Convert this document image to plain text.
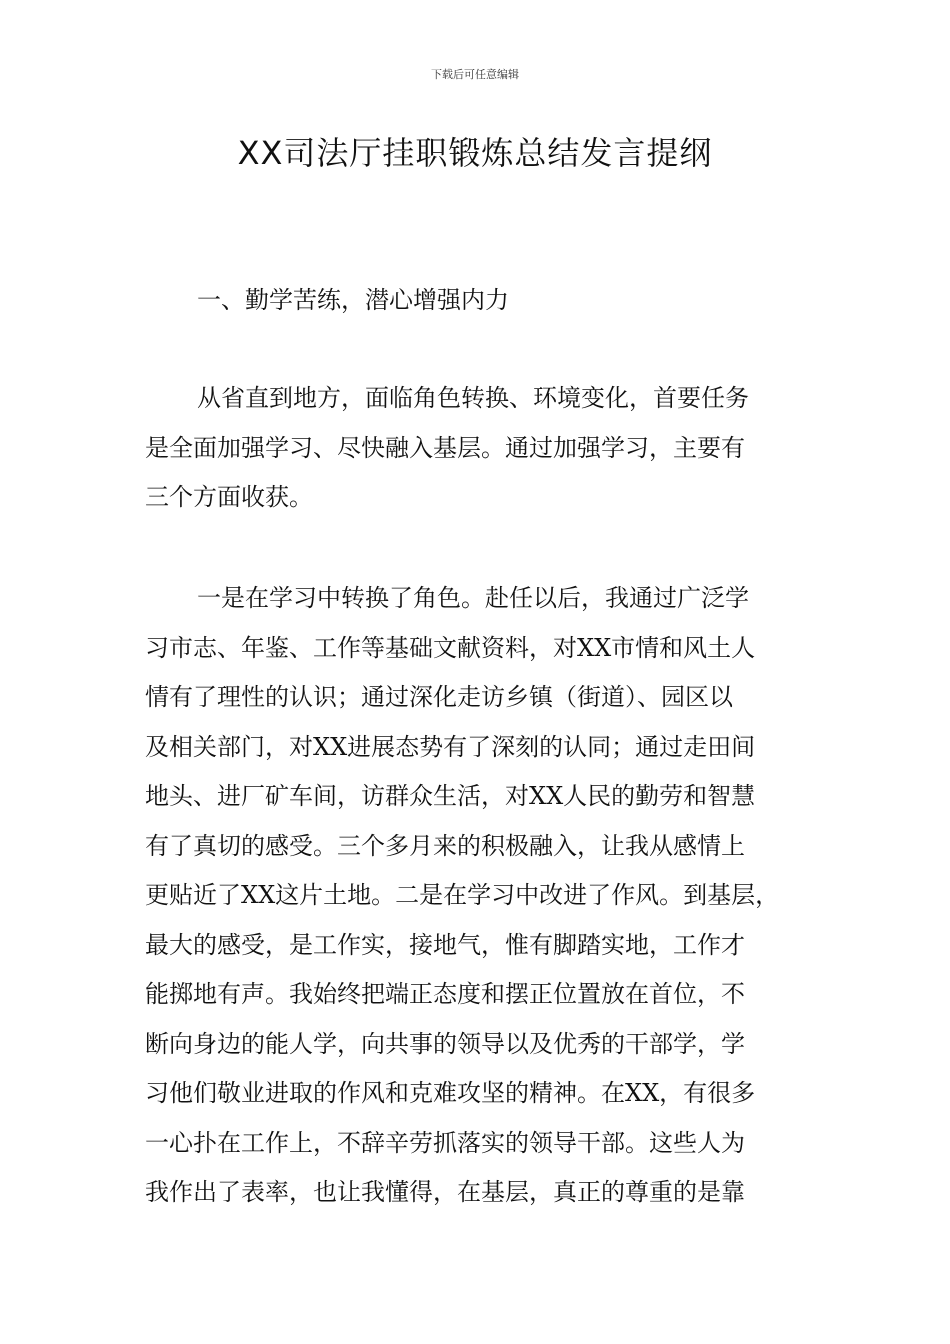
下载后可任意编辑
XX司法厅挂职锻炼总结发言提纲
一、勤学苦练，潜心增强内力
从省直到地方，面临角色转换、环境变化，首要任务
是全面加强学习、尽快融入基层。通过加强学习，主要有
三个方面收获。
一是在学习中转换了角色。赴任以后，我通过广泛学
习市志、年鉴、工作等基础文献资料，对XX市情和风土人
情有了理性的认识；通过深化走访乡镇（街道）、园区以
及相关部门，对XX进展态势有了深刻的认同；通过走田间
地头、进厂矿车间，访群众生活，对XX人民的勤劳和智慧
有了真切的感受。三个多月来的积极融入，让我从感情上
更贴近了XX这片土地。二是在学习中改进了作风。到基层，
最大的感受，是工作实，接地气，惟有脚踏实地，工作才
能掷地有声。我始终把端正态度和摆正位置放在首位，不
断向身边的能人学，向共事的领导以及优秀的干部学，学
习他们敬业进取的作风和克难攻坚的精神。在XX，有很多
一心扑在工作上，不辞辛劳抓落实的领导干部。这些人为
我作出了表率，也让我懂得，在基层，真正的尊重的是靠
